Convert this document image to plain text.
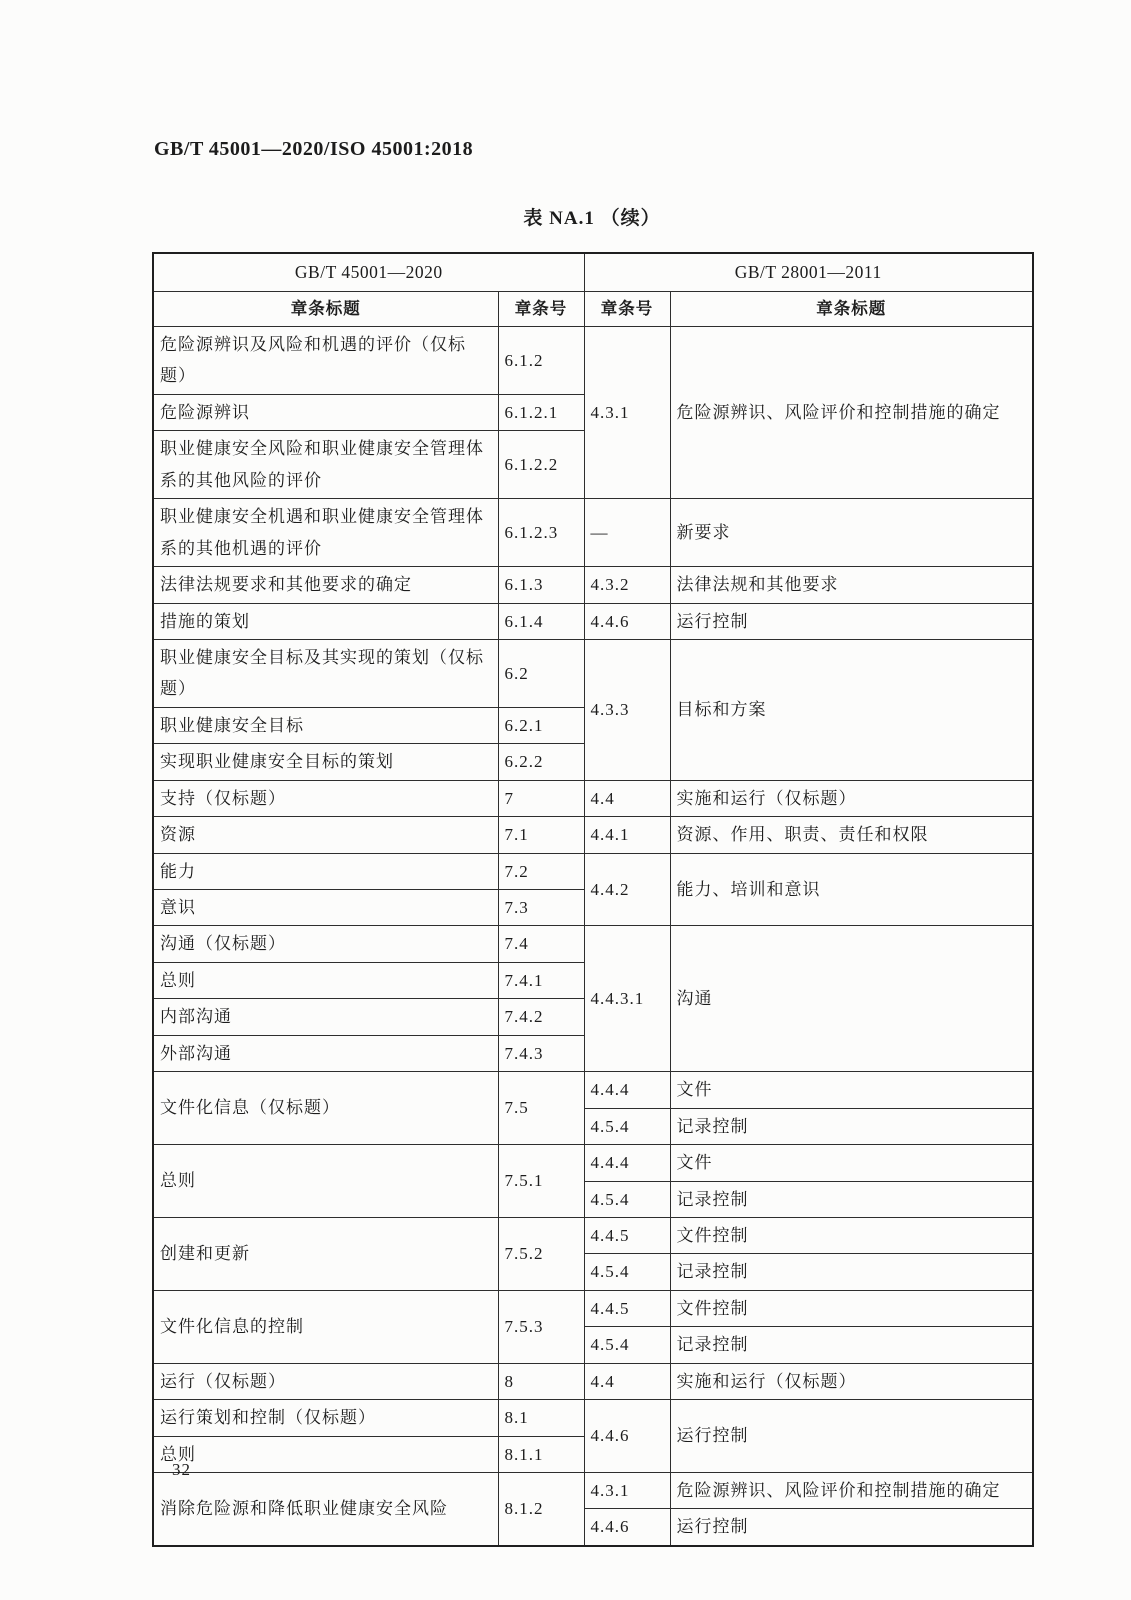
GB/T 45001—2020/ISO 45001:2018
表 NA.1 （续）
GB/T 45001—2020		GB/T 28001—2011	
章条标题	章条号	章条号	章条标题
危险源辨识及风险和机遇的评价（仅标题）	6.1.2	4.3.1	危险源辨识、风险评价和控制措施的确定
危险源辨识	6.1.2.1		
职业健康安全风险和职业健康安全管理体系的其他风险的评价	6.1.2.2		
职业健康安全机遇和职业健康安全管理体系的其他机遇的评价	6.1.2.3	—	新要求
法律法规要求和其他要求的确定	6.1.3	4.3.2	法律法规和其他要求
措施的策划	6.1.4	4.4.6	运行控制
职业健康安全目标及其实现的策划（仅标题）	6.2	4.3.3	目标和方案
职业健康安全目标	6.2.1		
实现职业健康安全目标的策划	6.2.2		
支持（仅标题）	7	4.4	实施和运行（仅标题）
资源	7.1	4.4.1	资源、作用、职责、责任和权限
能力	7.2	4.4.2	能力、培训和意识
意识	7.3		
沟通（仅标题）	7.4	4.4.3.1	沟通
总则	7.4.1		
内部沟通	7.4.2		
外部沟通	7.4.3		
文件化信息（仅标题）	7.5	4.4.4	文件
		4.5.4	记录控制
总则	7.5.1	4.4.4	文件
		4.5.4	记录控制
创建和更新	7.5.2	4.4.5	文件控制
		4.5.4	记录控制
文件化信息的控制	7.5.3	4.4.5	文件控制
		4.5.4	记录控制
运行（仅标题）	8	4.4	实施和运行（仅标题）
运行策划和控制（仅标题）	8.1	4.4.6	运行控制
总则	8.1.1		
消除危险源和降低职业健康安全风险	8.1.2	4.3.1	危险源辨识、风险评价和控制措施的确定
		4.4.6	运行控制
32
